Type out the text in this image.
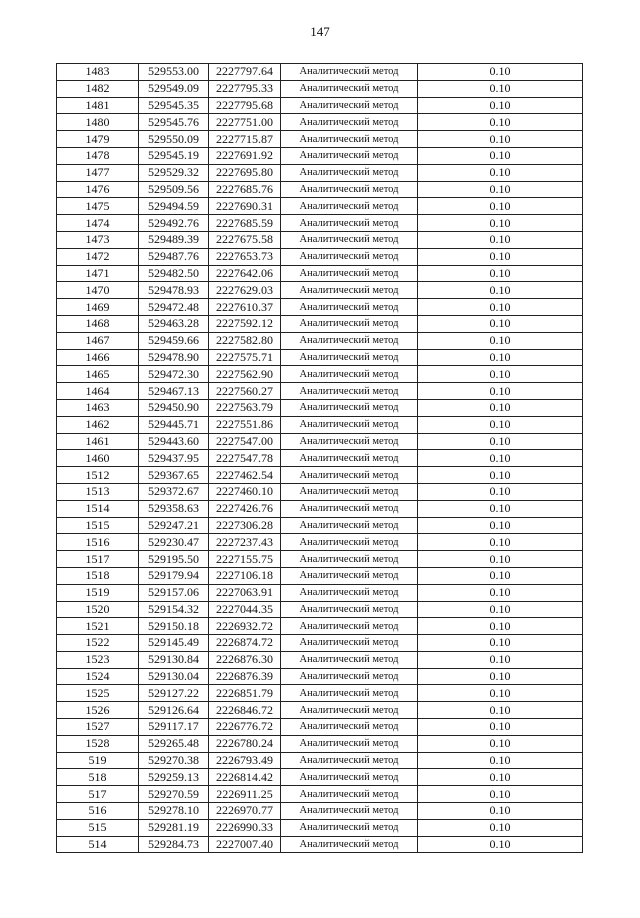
147
1483	529553.00	2227797.64	Аналитический метод	0.10
1482	529549.09	2227795.33	Аналитический метод	0.10
1481	529545.35	2227795.68	Аналитический метод	0.10
1480	529545.76	2227751.00	Аналитический метод	0.10
1479	529550.09	2227715.87	Аналитический метод	0.10
1478	529545.19	2227691.92	Аналитический метод	0.10
1477	529529.32	2227695.80	Аналитический метод	0.10
1476	529509.56	2227685.76	Аналитический метод	0.10
1475	529494.59	2227690.31	Аналитический метод	0.10
1474	529492.76	2227685.59	Аналитический метод	0.10
1473	529489.39	2227675.58	Аналитический метод	0.10
1472	529487.76	2227653.73	Аналитический метод	0.10
1471	529482.50	2227642.06	Аналитический метод	0.10
1470	529478.93	2227629.03	Аналитический метод	0.10
1469	529472.48	2227610.37	Аналитический метод	0.10
1468	529463.28	2227592.12	Аналитический метод	0.10
1467	529459.66	2227582.80	Аналитический метод	0.10
1466	529478.90	2227575.71	Аналитический метод	0.10
1465	529472.30	2227562.90	Аналитический метод	0.10
1464	529467.13	2227560.27	Аналитический метод	0.10
1463	529450.90	2227563.79	Аналитический метод	0.10
1462	529445.71	2227551.86	Аналитический метод	0.10
1461	529443.60	2227547.00	Аналитический метод	0.10
1460	529437.95	2227547.78	Аналитический метод	0.10
1512	529367.65	2227462.54	Аналитический метод	0.10
1513	529372.67	2227460.10	Аналитический метод	0.10
1514	529358.63	2227426.76	Аналитический метод	0.10
1515	529247.21	2227306.28	Аналитический метод	0.10
1516	529230.47	2227237.43	Аналитический метод	0.10
1517	529195.50	2227155.75	Аналитический метод	0.10
1518	529179.94	2227106.18	Аналитический метод	0.10
1519	529157.06	2227063.91	Аналитический метод	0.10
1520	529154.32	2227044.35	Аналитический метод	0.10
1521	529150.18	2226932.72	Аналитический метод	0.10
1522	529145.49	2226874.72	Аналитический метод	0.10
1523	529130.84	2226876.30	Аналитический метод	0.10
1524	529130.04	2226876.39	Аналитический метод	0.10
1525	529127.22	2226851.79	Аналитический метод	0.10
1526	529126.64	2226846.72	Аналитический метод	0.10
1527	529117.17	2226776.72	Аналитический метод	0.10
1528	529265.48	2226780.24	Аналитический метод	0.10
519	529270.38	2226793.49	Аналитический метод	0.10
518	529259.13	2226814.42	Аналитический метод	0.10
517	529270.59	2226911.25	Аналитический метод	0.10
516	529278.10	2226970.77	Аналитический метод	0.10
515	529281.19	2226990.33	Аналитический метод	0.10
514	529284.73	2227007.40	Аналитический метод	0.10
